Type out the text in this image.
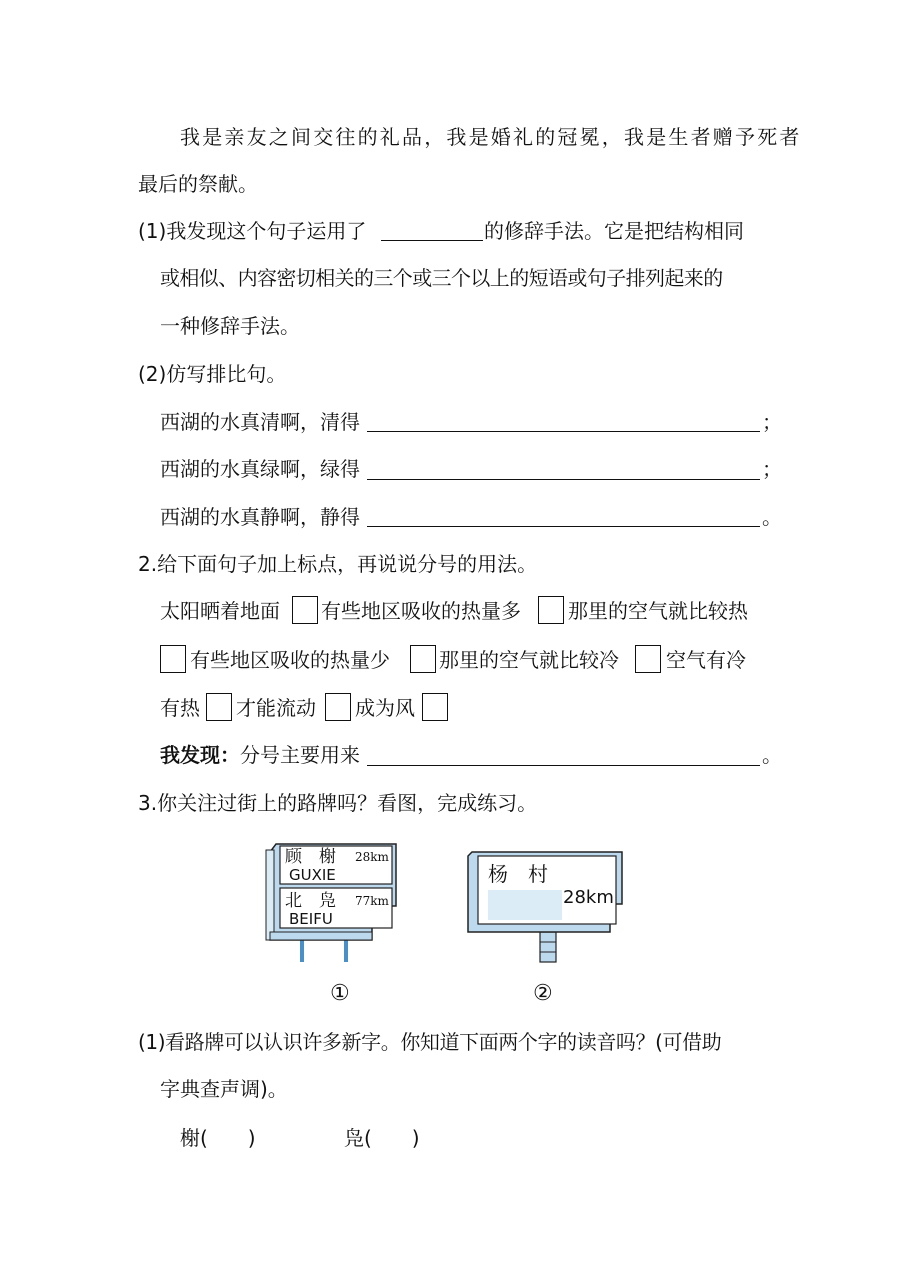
我是亲友之间交往的礼品，我是婚礼的冠冕，我是生者赠予死者
最后的祭献。
(1)我发现这个句子运用了	的修辞手法。它是把结构相同
或相似、内容密切相关的三个或三个以上的短语或句子排列起来的
一种修辞手法。
(2)仿写排比句。
西湖的水真清啊，清得	；
西湖的水真绿啊，绿得	；
西湖的水真静啊，静得	。
2.给下面句子加上标点，再说说分号的用法。
太阳晒着地面 有些地区吸收的热量多 那里的空气就比较热
有些地区吸收的热量少 那里的空气就比较冷 空气有冷
有热 才能流动 成为风
我发现： 分号主要用来	。
3.你关注过街上的路牌吗？看图，完成练习。
顾　榭 28km
GUXIE
北　凫 77km
BEIFU
杨　村
28km
①	②
(1)看路牌可以认识许多新字。你知道下面两个字的读音吗？(可借助
字典查声调)。
榭(　　)	凫(　　)
